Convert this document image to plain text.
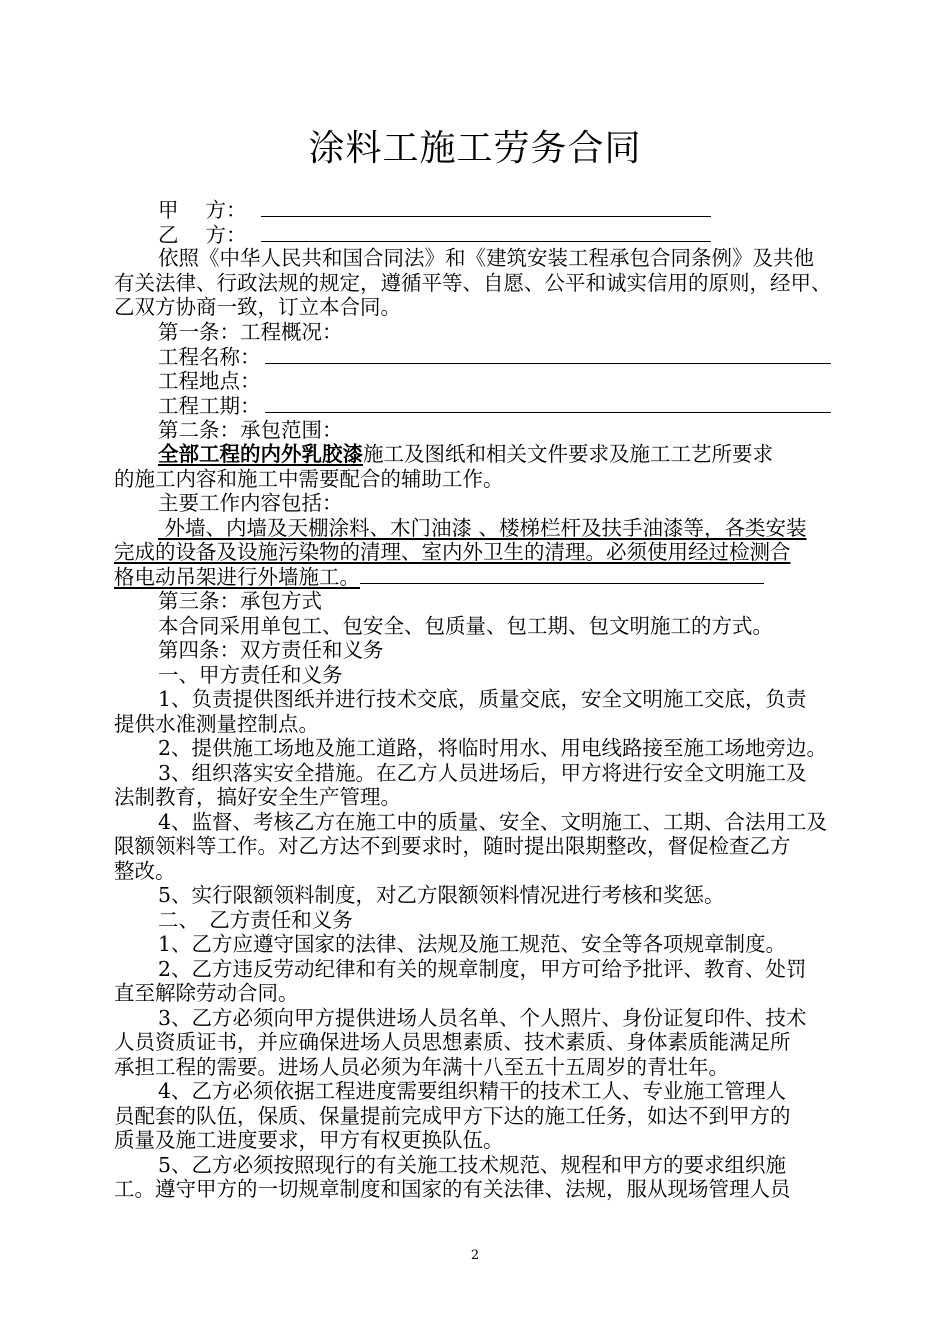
涂料工施工劳务合同
甲　 方：
乙　 方：
依照《中华人民共和国合同法》和《建筑安装工程承包合同条例》及共他
有关法律、行政法规的规定，遵循平等、自愿、公平和诚实信用的原则，经甲、
乙双方协商一致，订立本合同。
第一条：工程概况：
工程名称：
工程地点：
工程工期：
第二条：承包范围：
全部工程的内外乳胶漆施工及图纸和相关文件要求及施工工艺所要求
的施工内容和施工中需要配合的辅助工作。
主要工作内容包括：
外墙、内墙及天棚涂料、木门油漆 、楼梯栏杆及扶手油漆等，各类安装
完成的设备及设施污染物的清理、室内外卫生的清理。必须使用经过检测合
格电动吊架进行外墙施工。
第三条：承包方式
本合同采用单包工、包安全、包质量、包工期、包文明施工的方式。
第四条：双方责任和义务
一、甲方责任和义务
1、负责提供图纸并进行技术交底，质量交底，安全文明施工交底，负责
提供水准测量控制点。
2、提供施工场地及施工道路，将临时用水、用电线路接至施工场地旁边。
3、组织落实安全措施。在乙方人员进场后，甲方将进行安全文明施工及
法制教育，搞好安全生产管理。
4、监督、考核乙方在施工中的质量、安全、文明施工、工期、合法用工及
限额领料等工作。对乙方达不到要求时，随时提出限期整改，督促检查乙方
整改。
5、实行限额领料制度，对乙方限额领料情况进行考核和奖惩。
二、　乙方责任和义务
1、乙方应遵守国家的法律、法规及施工规范、安全等各项规章制度。
2、乙方违反劳动纪律和有关的规章制度，甲方可给予批评、教育、处罚
直至解除劳动合同。
3、乙方必须向甲方提供进场人员名单、个人照片、身份证复印件、技术
人员资质证书，并应确保进场人员思想素质、技术素质、身体素质能满足所
承担工程的需要。进场人员必须为年满十八至五十五周岁的青壮年。
4、乙方必须依据工程进度需要组织精干的技术工人、专业施工管理人
员配套的队伍，保质、保量提前完成甲方下达的施工任务，如达不到甲方的
质量及施工进度要求，甲方有权更换队伍。
5、乙方必须按照现行的有关施工技术规范、规程和甲方的要求组织施
工。遵守甲方的一切规章制度和国家的有关法律、法规，服从现场管理人员
2
